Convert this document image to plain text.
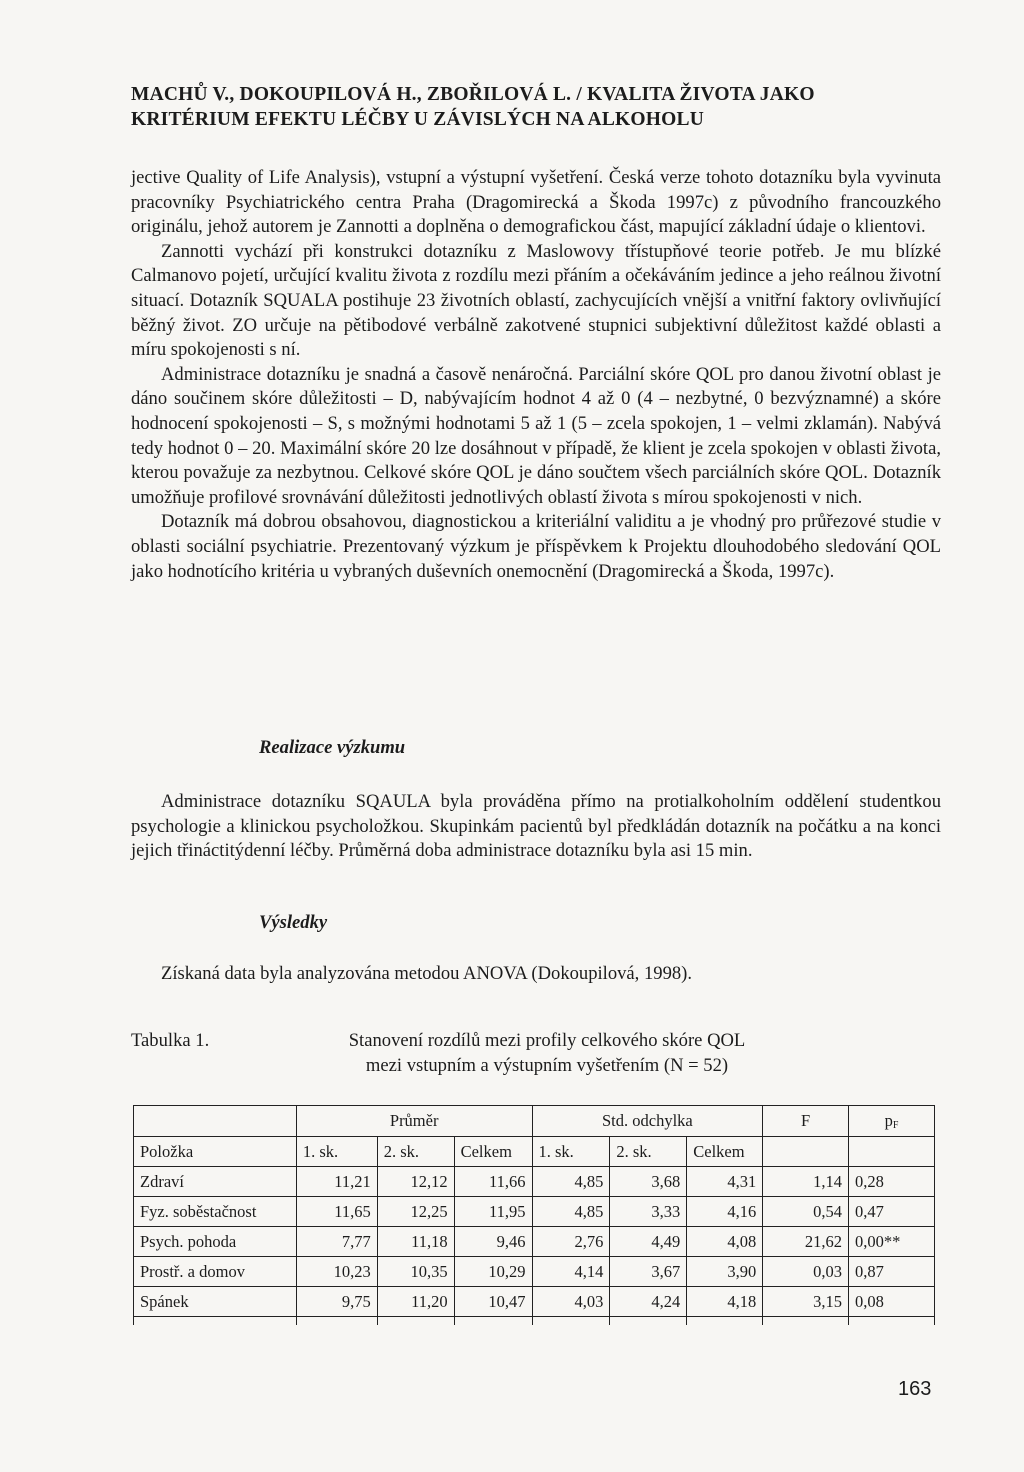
MACHŮ V., DOKOUPILOVÁ H., ZBOŘILOVÁ L. / KVALITA ŽIVOTA JAKO
KRITÉRIUM EFEKTU LÉČBY U ZÁVISLÝCH NA ALKOHOLU

jective Quality of Life Analysis), vstupní a výstupní vyšetření. Česká verze tohoto dotazníku byla vyvinuta pracovníky Psychiatrického centra Praha (Dragomirecká a Škoda 1997c) z původního francouzkého originálu, jehož autorem je Zannotti a doplněna o demografickou část, mapující základní údaje o klientovi.

Zannotti vychází při konstrukci dotazníku z Maslowovy třístupňové teorie potřeb. Je mu blízké Calmanovo pojetí, určující kvalitu života z rozdílu mezi přáním a očekáváním jedince a jeho reálnou životní situací. Dotazník SQUALA postihuje 23 životních oblastí, zachycujících vnější a vnitřní faktory ovlivňující běžný život. ZO určuje na pětibodové verbálně zakotvené stupnici subjektivní důležitost každé oblasti a míru spokojenosti s ní.

Administrace dotazníku je snadná a časově nenáročná. Parciální skóre QOL pro danou životní oblast je dáno součinem skóre důležitosti – D, nabývajícím hodnot 4 až 0 (4 – nezbytné, 0 bezvýznamné) a skóre hodnocení spokojenosti – S, s možnými hodnotami 5 až 1 (5 – zcela spokojen, 1 – velmi zklamán). Nabývá tedy hodnot 0 – 20. Maximální skóre 20 lze dosáhnout v případě, že klient je zcela spokojen v oblasti života, kterou považuje za nezbytnou. Celkové skóre QOL je dáno součtem všech parciálních skóre QOL. Dotazník umožňuje profilové srovnávání důležitosti jednotlivých oblastí života s mírou spokojenosti v nich.

Dotazník má dobrou obsahovou, diagnostickou a kriteriální validitu a je vhodný pro průřezové studie v oblasti sociální psychiatrie. Prezentovaný výzkum je příspěvkem k Projektu dlouhodobého sledování QOL jako hodnotícího kritéria u vybraných duševních onemocnění (Dragomirecká a Škoda, 1997c).

Realizace výzkumu

Administrace dotazníku SQAULA byla prováděna přímo na protialkoholním oddělení studentkou psychologie a klinickou psycholožkou. Skupinkám pacientů byl předkládán dotazník na počátku a na konci jejich třináctitýdenní léčby. Průměrná doba administrace dotazníku byla asi 15 min.

Výsledky

Získaná data byla analyzována metodou ANOVA (Dokoupilová, 1998).

Tabulka 1.	Stanovení rozdílů mezi profily celkového skóre QOL
mezi vstupním a výstupním vyšetřením (N = 52)
	Průměr			Std. odchylka			F	$p_F$
Položka	1. sk.	2. sk.	Celkem	1. sk.	2. sk.	Celkem		
Zdraví	11,21	12,12	11,66	4,85	3,68	4,31	1,14	0,28
Fyz. soběstačnost	11,65	12,25	11,95	4,85	3,33	4,16	0,54	0,47
Psych. pohoda	7,77	11,18	9,46	2,76	4,49	4,08	21,62	0,00**
Prostř. a domov	10,23	10,35	10,29	4,14	3,67	3,90	0,03	0,87
Spánek	9,75	11,20	10,47	4,03	4,24	4,18	3,15	0,08

163
